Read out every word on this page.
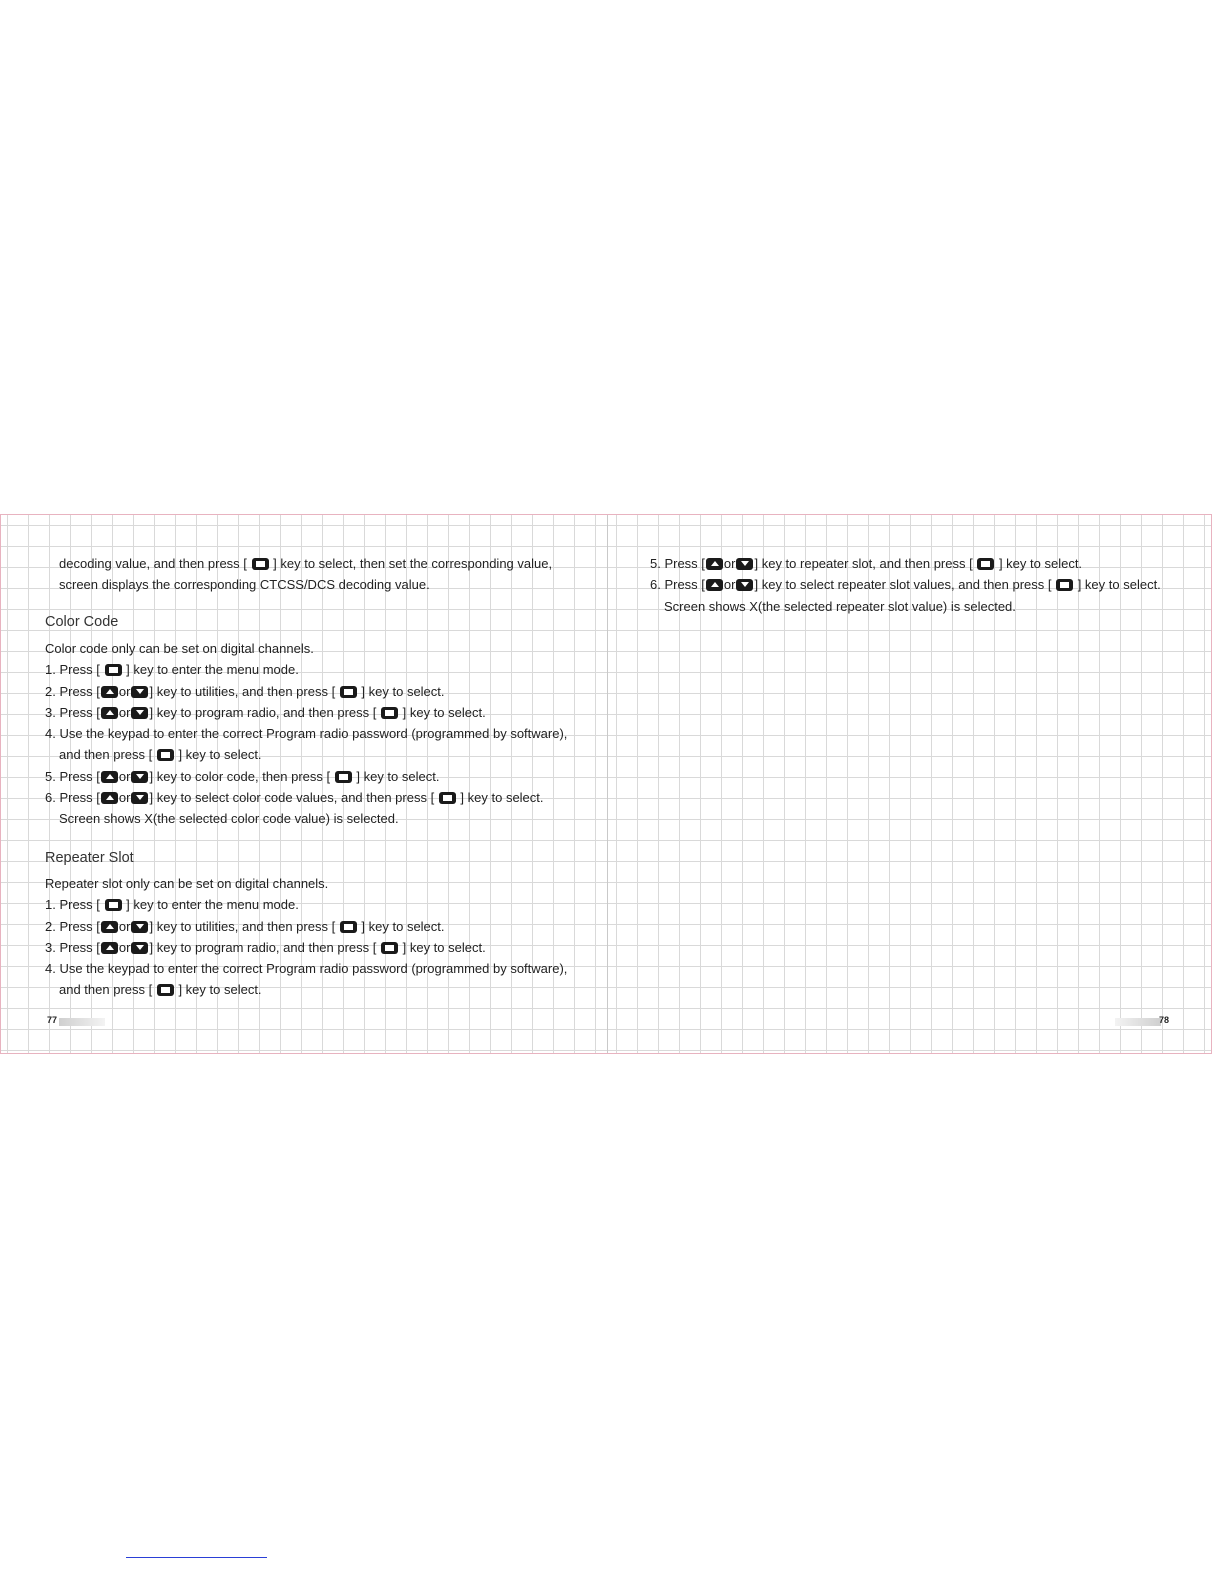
decoding value, and then press [  ] key to select, then set the corresponding value,
screen displays the corresponding CTCSS/DCS decoding value.
Color Code
Color code only can be set on digital channels.
1. Press [  ] key to enter the menu mode.
2. Press [ or ] key to utilities, and then press [  ] key to select.
3. Press [ or ] key to program radio, and then press [  ] key to select.
4. Use the keypad to enter the correct Program radio password (programmed by software),
and then press [  ] key to select.
5. Press [ or ] key to color code, then press [  ] key to select.
6. Press [ or ] key to select color code values, and then press [  ] key to select.
Screen shows X(the selected color code value) is selected.
Repeater Slot
Repeater slot only can be set on digital channels.
1. Press [  ] key to enter the menu mode.
2. Press [ or ] key to utilities, and then press [  ] key to select.
3. Press [ or ] key to program radio, and then press [  ] key to select.
4. Use the keypad to enter the correct Program radio password (programmed by software),
and then press [  ] key to select.
77
5. Press [ or ] key to repeater slot, and then press [  ] key to select.
6. Press [ or ] key to select repeater slot values, and then press [  ] key to select.
Screen shows X(the selected repeater slot value) is selected.
78
